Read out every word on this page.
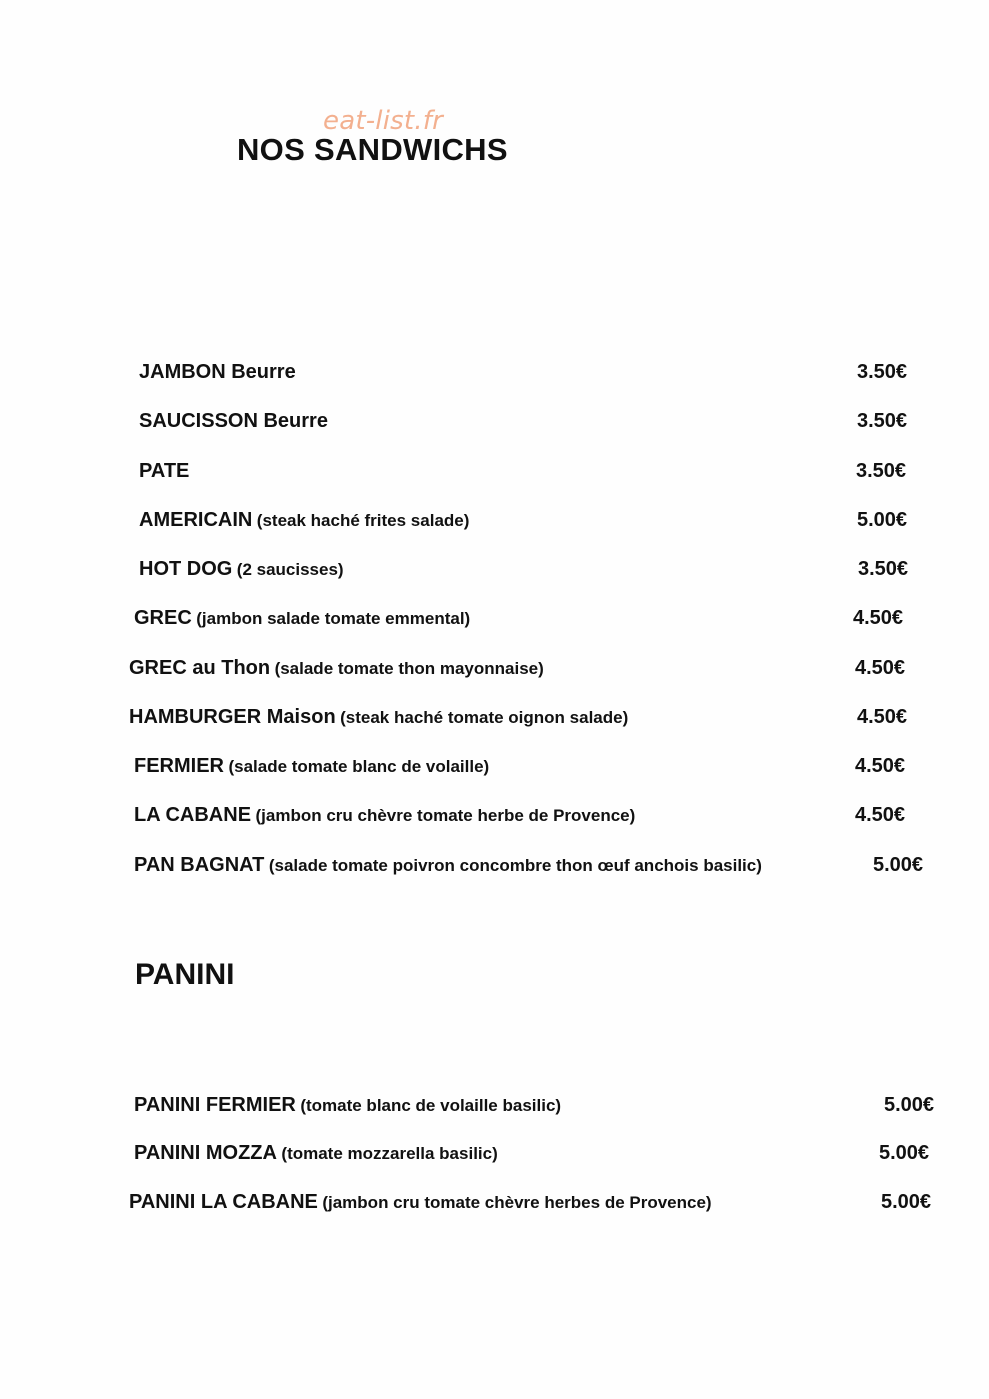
eat-list.fr
NOS SANDWICHS
JAMBON Beurre	3.50€
SAUCISSON Beurre	3.50€
PATE	3.50€
AMERICAIN (steak haché frites salade)	5.00€
HOT DOG (2 saucisses)	3.50€
GREC (jambon salade tomate emmental)	4.50€
GREC au Thon (salade tomate thon mayonnaise)	4.50€
HAMBURGER Maison (steak haché tomate oignon salade)	4.50€
FERMIER (salade tomate blanc de volaille)	4.50€
LA CABANE (jambon cru chèvre tomate herbe de Provence)	4.50€
PAN BAGNAT (salade tomate poivron concombre thon œuf anchois basilic)	5.00€
PANINI
PANINI FERMIER (tomate blanc de volaille basilic)	5.00€
PANINI MOZZA (tomate mozzarella basilic)	5.00€
PANINI LA CABANE (jambon cru tomate chèvre herbes de Provence)	5.00€
